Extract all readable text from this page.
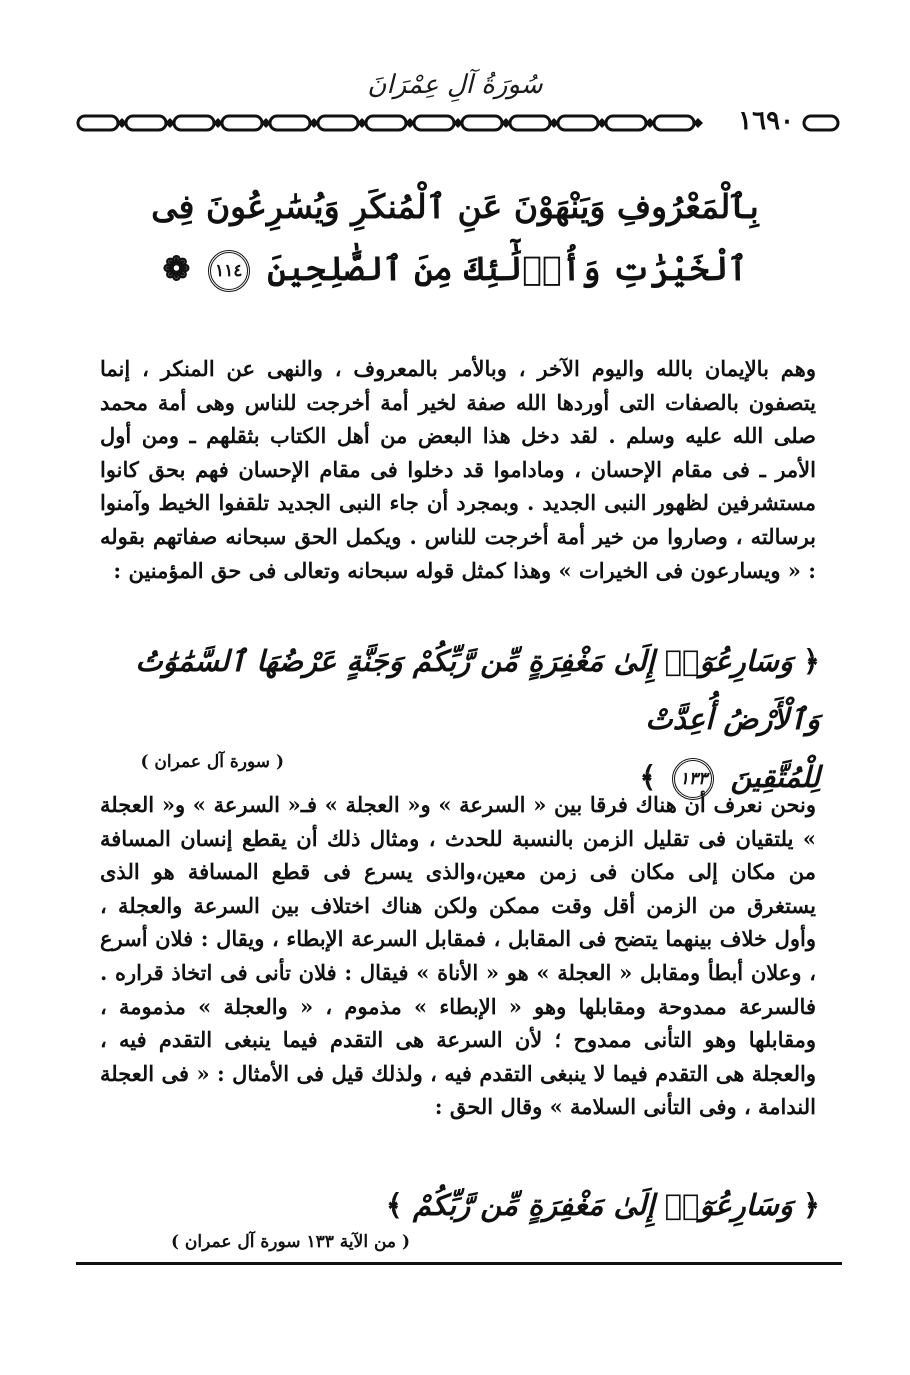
سُورَةُ آلِ عِمْرَانَ
١٦٩٠
بِٱلْمَعْرُوفِ وَيَنْهَوْنَ عَنِ ٱلْمُنكَرِ وَيُسَٰرِعُونَ فِى
ٱلْخَيْرَٰتِ وَأُو۟لَٰٓئِكَ مِنَ ٱلصَّٰلِحِينَ ١١٤ ❁
وهم بالإيمان بالله واليوم الآخر ، وبالأمر بالمعروف ، والنهى عن المنكر ، إنما يتصفون بالصفات التى أوردها الله صفة لخير أمة أخرجت للناس وهى أمة محمد صلى الله عليه وسلم . لقد دخل هذا البعض من أهل الكتاب بثقلهم ـ ومن أول الأمر ـ فى مقام الإحسان ، وماداموا قد دخلوا فى مقام الإحسان فهم بحق كانوا مستشرفين لظهور النبى الجديد . وبمجرد أن جاء النبى الجديد تلقفوا الخيط وآمنوا برسالته ، وصاروا من خير أمة أخرجت للناس . ويكمل الحق سبحانه صفاتهم بقوله : « ويسارعون فى الخيرات » وهذا كمثل قوله سبحانه وتعالى فى حق المؤمنين :
﴿ وَسَارِعُوٓا۟ إِلَىٰ مَغْفِرَةٍ مِّن رَّبِّكُمْ وَجَنَّةٍ عَرْضُهَا ٱلسَّمَٰوَٰتُ وَٱلْأَرْضُ أُعِدَّتْ
لِلْمُتَّقِينَ ١٣٣ ﴾
( سورة آل عمران )
ونحن نعرف أن هناك فرقا بين « السرعة » و« العجلة » فـ« السرعة » و« العجلة » يلتقيان فى تقليل الزمن بالنسبة للحدث ، ومثال ذلك أن يقطع إنسان المسافة من مكان إلى مكان فى زمن معين،والذى يسرع فى قطع المسافة هو الذى يستغرق من الزمن أقل وقت ممكن ولكن هناك اختلاف بين السرعة والعجلة ، وأول خلاف بينهما يتضح فى المقابل ، فمقابل السرعة الإبطاء ، ويقال : فلان أسرع ، وعلان أبطأ ومقابل « العجلة » هو « الأناة » فيقال : فلان تأنى فى اتخاذ قراره . فالسرعة ممدوحة ومقابلها وهو « الإبطاء » مذموم ، « والعجلة » مذمومة ، ومقابلها وهو التأنى ممدوح ؛ لأن السرعة هى التقدم فيما ينبغى التقدم فيه ، والعجلة هى التقدم فيما لا ينبغى التقدم فيه ، ولذلك قيل فى الأمثال : « فى العجلة الندامة ، وفى التأنى السلامة » وقال الحق :
﴿ وَسَارِعُوٓا۟ إِلَىٰ مَغْفِرَةٍ مِّن رَّبِّكُمْ ﴾
( من الآية ١٣٣ سورة آل عمران )
